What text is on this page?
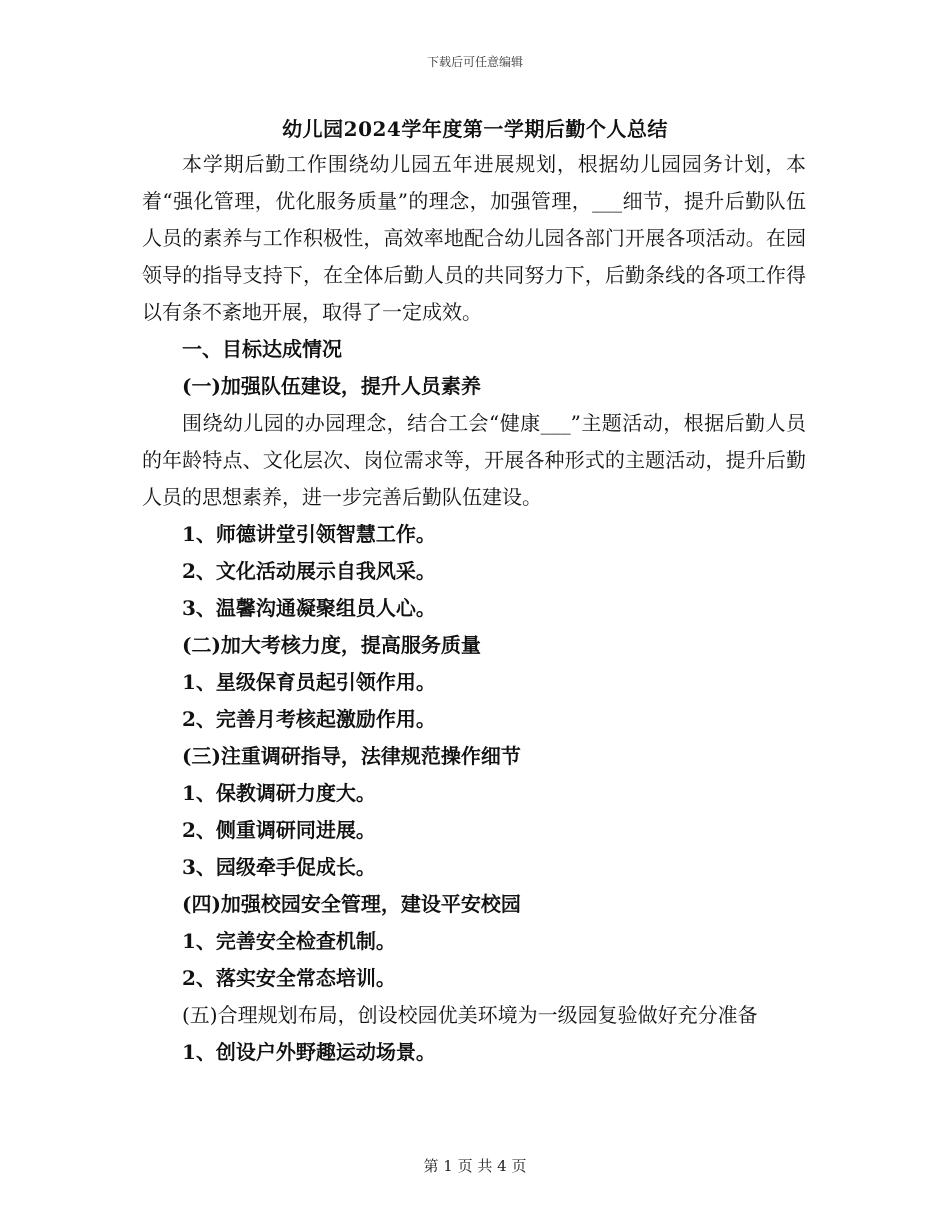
下载后可任意编辑
幼儿园2024学年度第一学期后勤个人总结

本学期后勤工作围绕幼儿园五年进展规划，根据幼儿园园务计划，本着“强化管理，优化服务质量”的理念，加强管理，___细节，提升后勤队伍人员的素养与工作积极性，高效率地配合幼儿园各部门开展各项活动。在园领导的指导支持下，在全体后勤人员的共同努力下，后勤条线的各项工作得以有条不紊地开展，取得了一定成效。

一、目标达成情况

(一)加强队伍建设，提升人员素养

围绕幼儿园的办园理念，结合工会“健康___”主题活动，根据后勤人员的年龄特点、文化层次、岗位需求等，开展各种形式的主题活动，提升后勤人员的思想素养，进一步完善后勤队伍建设。

1、师德讲堂引领智慧工作。

2、文化活动展示自我风采。

3、温馨沟通凝聚组员人心。

(二)加大考核力度，提高服务质量

1、星级保育员起引领作用。

2、完善月考核起激励作用。

(三)注重调研指导，法律规范操作细节

1、保教调研力度大。

2、侧重调研同进展。

3、园级牵手促成长。

(四)加强校园安全管理，建设平安校园

1、完善安全检查机制。

2、落实安全常态培训。

(五)合理规划布局，创设校园优美环境为一级园复验做好充分准备

1、创设户外野趣运动场景。

第 1 页 共 4 页
